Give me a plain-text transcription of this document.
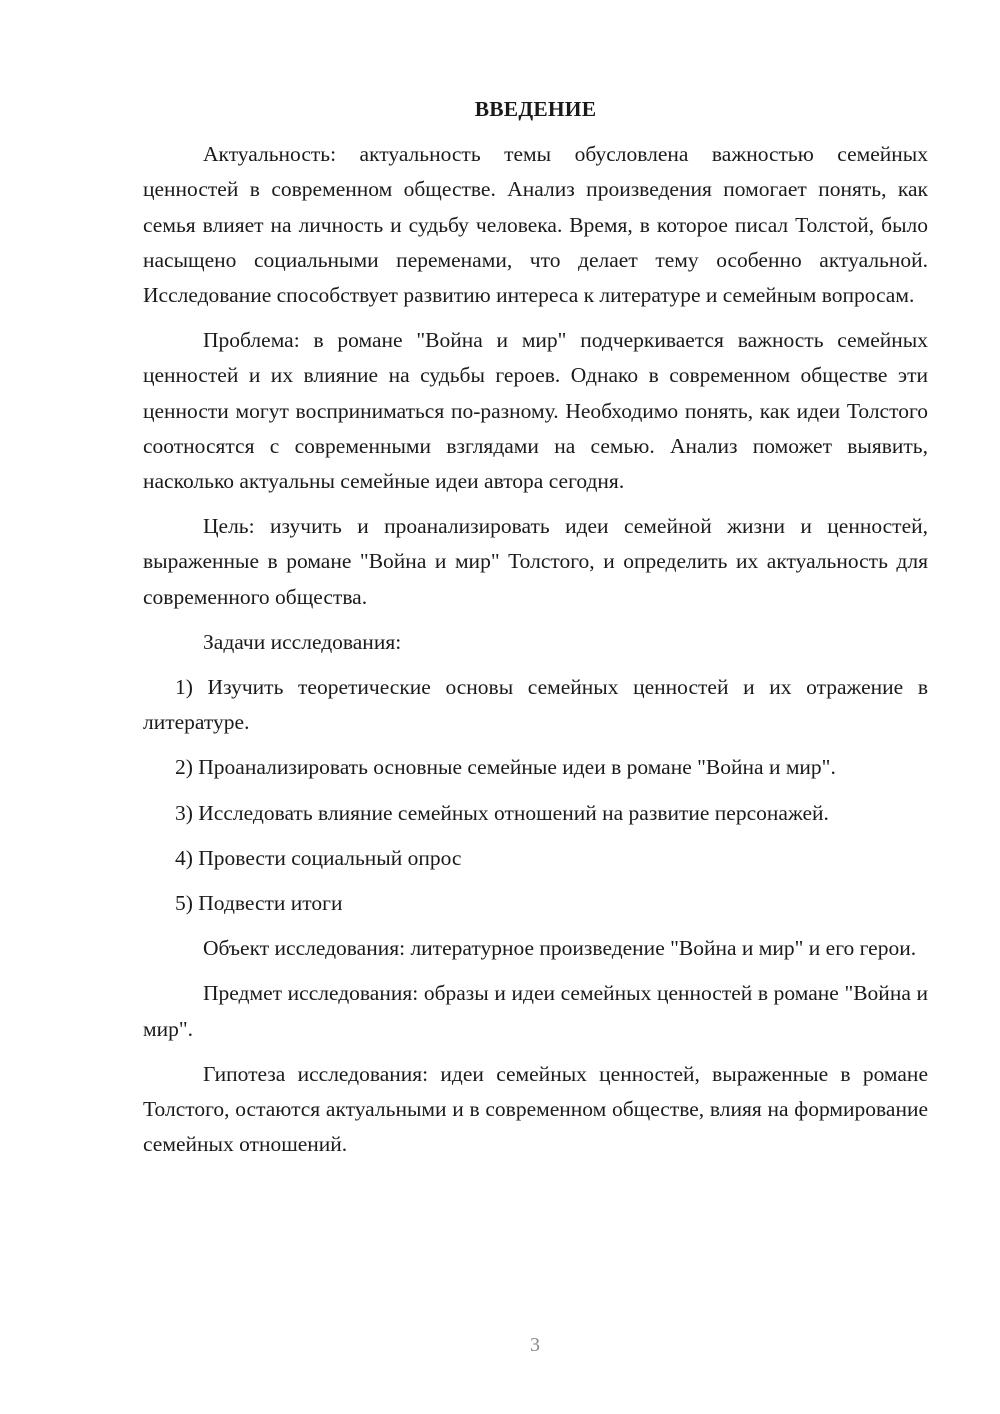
ВВЕДЕНИЕ

Актуальность: актуальность темы обусловлена важностью семейных ценностей в современном обществе. Анализ произведения помогает понять, как семья влияет на личность и судьбу человека. Время, в которое писал Толстой, было насыщено социальными переменами, что делает тему особенно актуальной. Исследование способствует развитию интереса к литературе и семейным вопросам.

Проблема: в романе "Война и мир" подчеркивается важность семейных ценностей и их влияние на судьбы героев. Однако в современном обществе эти ценности могут восприниматься по-разному. Необходимо понять, как идеи Толстого соотносятся с современными взглядами на семью. Анализ поможет выявить, насколько актуальны семейные идеи автора сегодня.

Цель: изучить и проанализировать идеи семейной жизни и ценностей, выраженные в романе "Война и мир" Толстого, и определить их актуальность для современного общества.

Задачи исследования:

1) Изучить теоретические основы семейных ценностей и их отражение в литературе.

2) Проанализировать основные семейные идеи в романе "Война и мир".

3) Исследовать влияние семейных отношений на развитие персонажей.

4) Провести социальный опрос

5) Подвести итоги

Объект исследования: литературное произведение "Война и мир" и его герои.

Предмет исследования: образы и идеи семейных ценностей в романе "Война и мир".

Гипотеза исследования: идеи семейных ценностей, выраженные в романе Толстого, остаются актуальными и в современном обществе, влияя на формирование семейных отношений.

3
